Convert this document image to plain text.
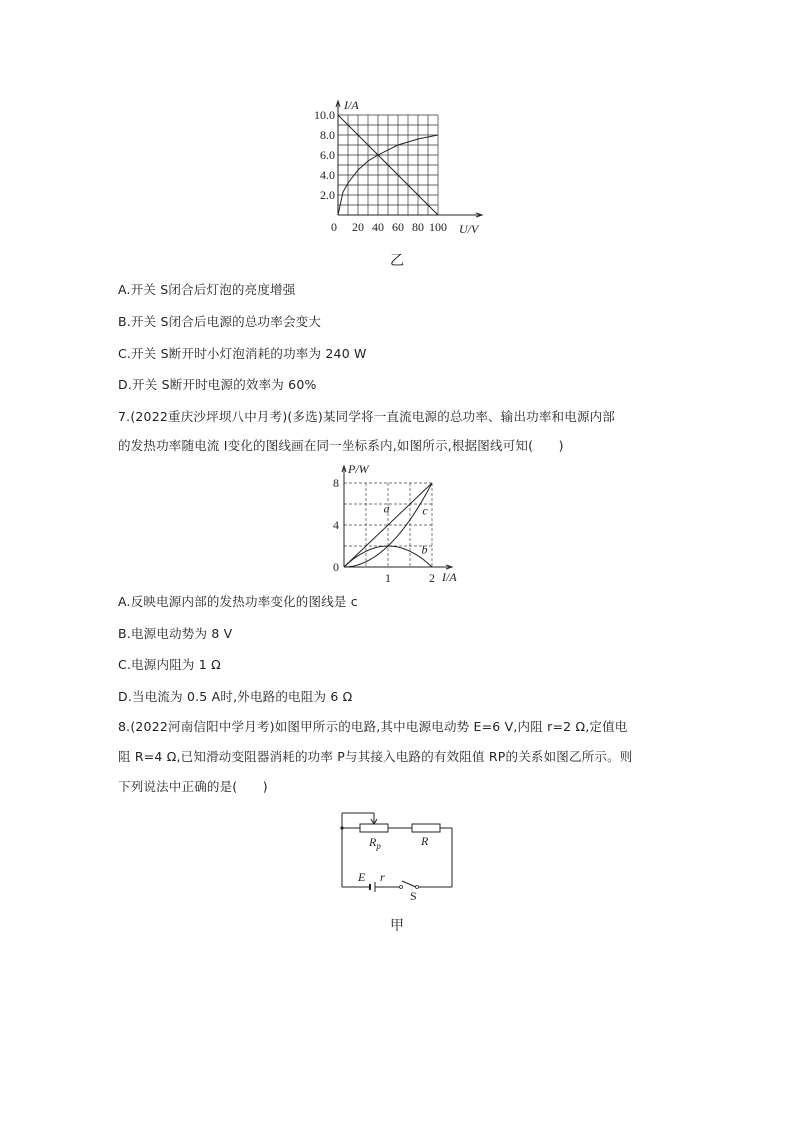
0 20 40 60 80 100
2.0
4.0
6.0
8.0
10.0
I/A
U/V
乙
A.开关 S闭合后灯泡的亮度增强
B.开关 S闭合后电源的总功率会变大
C.开关 S断开时小灯泡消耗的功率为 240 W
D.开关 S断开时电源的效率为 60%
7.(2022重庆沙坪坝八中月考)(多选)某同学将一直流电源的总功率、输出功率和电源内部
的发热功率随电流 I变化的图线画在同一坐标系内,如图所示,根据图线可知(　　)
a	c
b
0
1	2
4
8
P/W
I/A
A.反映电源内部的发热功率变化的图线是 c
B.电源电动势为 8 V
C.电源内阻为 1 Ω
D.当电流为 0.5 A时,外电路的电阻为 6 Ω
8.(2022河南信阳中学月考)如图甲所示的电路,其中电源电动势 E=6 V,内阻 r=2 Ω,定值电
阻 R=4 Ω,已知滑动变阻器消耗的功率 P与其接入电路的有效阻值 RP的关系如图乙所示。则
下列说法中正确的是(　　)
$R_p$	R
E r
S
甲
